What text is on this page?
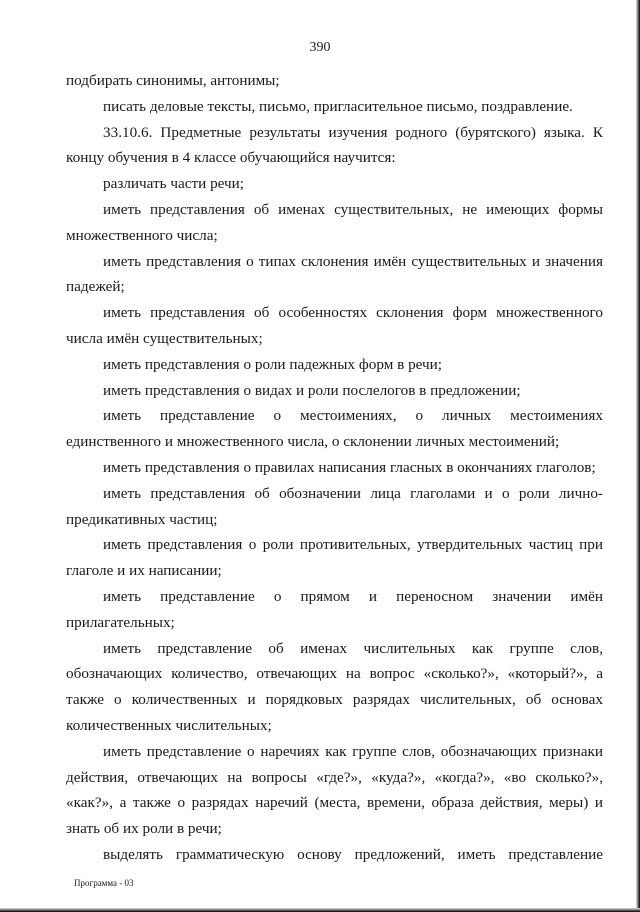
390

подбирать синонимы, антонимы;

писать деловые тексты, письмо, пригласительное письмо, поздравление.

33.10.6. Предметные результаты изучения родного (бурятского) языка. К концу обучения в 4 классе обучающийся научится:

различать части речи;

иметь представления об именах существительных, не имеющих формы множественного числа;

иметь представления о типах склонения имён существительных и значения падежей;

иметь представления об особенностях склонения форм множественного числа имён существительных;

иметь представления о роли падежных форм в речи;

иметь представления о видах и роли послелогов в предложении;

иметь представление о местоимениях, о личных местоимениях единственного и множественного числа, о склонении личных местоимений;

иметь представления о правилах написания гласных в окончаниях глаголов;

иметь представления об обозначении лица глаголами и о роли лично-предикативных частиц;

иметь представления о роли противительных, утвердительных частиц при глаголе и их написании;

иметь представление о прямом и переносном значении имён прилагательных;

иметь представление об именах числительных как группе слов, обозначающих количество, отвечающих на вопрос «сколько?», «который?», а также о количественных и порядковых разрядах числительных, об основах количественных числительных;

иметь представление о наречиях как группе слов, обозначающих признаки действия, отвечающих на вопросы «где?», «куда?», «когда?», «во сколько?», «как?», а также о разрядах наречий (места, времени, образа действия, меры) и знать об их роли в речи;

выделять грамматическую основу предложений, иметь представление

Программа - 03
